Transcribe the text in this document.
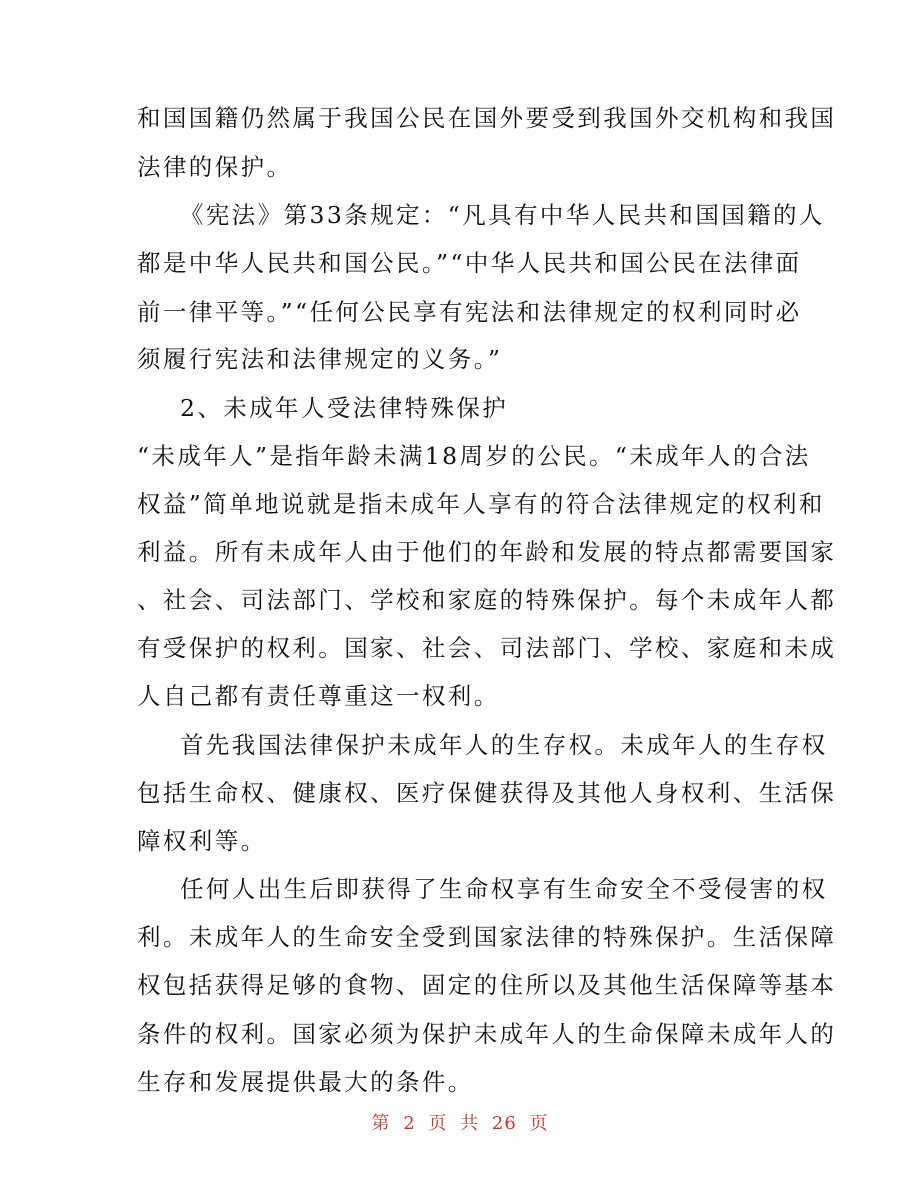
和国国籍仍然属于我国公民在国外要受到我国外交机构和我国
法律的保护。
《宪法》第33条规定：“凡具有中华人民共和国国籍的人
都是中华人民共和国公民。”“中华人民共和国公民在法律面
前一律平等。”“任何公民享有宪法和法律规定的权利同时必
须履行宪法和法律规定的义务。”
2、未成年人受法律特殊保护
“未成年人”是指年龄未满18周岁的公民。“未成年人的合法
权益”简单地说就是指未成年人享有的符合法律规定的权利和
利益。所有未成年人由于他们的年龄和发展的特点都需要国家
、社会、司法部门、学校和家庭的特殊保护。每个未成年人都
有受保护的权利。国家、社会、司法部门、学校、家庭和未成
人自己都有责任尊重这一权利。
首先我国法律保护未成年人的生存权。未成年人的生存权
包括生命权、健康权、医疗保健获得及其他人身权利、生活保
障权利等。
任何人出生后即获得了生命权享有生命安全不受侵害的权
利。未成年人的生命安全受到国家法律的特殊保护。生活保障
权包括获得足够的食物、固定的住所以及其他生活保障等基本
条件的权利。国家必须为保护未成年人的生命保障未成年人的
生存和发展提供最大的条件。
第 2 页 共 26 页
